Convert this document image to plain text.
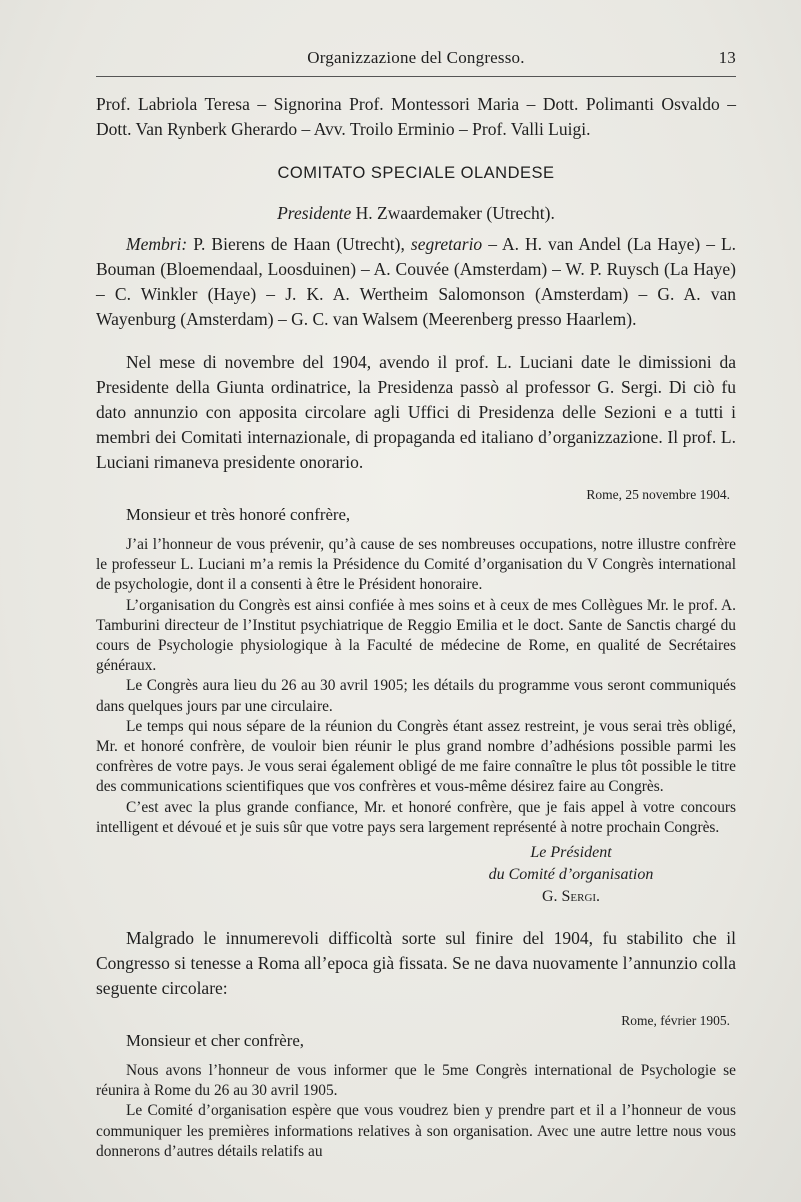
Organizzazione del Congresso.	13

Prof. Labriola Teresa – Signorina Prof. Montessori Maria – Dott. Polimanti Osvaldo – Dott. Van Rynberk Gherardo – Avv. Troilo Erminio – Prof. Valli Luigi.

COMITATO SPECIALE OLANDESE

Presidente H. Zwaardemaker (Utrecht).

Membri: P. Bierens de Haan (Utrecht), segretario – A. H. van Andel (La Haye) – L. Bouman (Bloemendaal, Loosduinen) – A. Couvée (Amsterdam) – W. P. Ruysch (La Haye) – C. Winkler (Haye) – J. K. A. Wertheim Salomonson (Amsterdam) – G. A. van Wayenburg (Amsterdam) – G. C. van Walsem (Meerenberg presso Haarlem).

Nel mese di novembre del 1904, avendo il prof. L. Luciani date le dimissioni da Presidente della Giunta ordinatrice, la Presidenza passò al professor G. Sergi. Di ciò fu dato annunzio con apposita circolare agli Uffici di Presidenza delle Sezioni e a tutti i membri dei Comitati internazionale, di propaganda ed italiano d’organizzazione. Il prof. L. Luciani rimaneva presidente onorario.

Rome, 25 novembre 1904.
Monsieur et très honoré confrère,

J’ai l’honneur de vous prévenir, qu’à cause de ses nombreuses occupations, notre illustre confrère le professeur L. Luciani m’a remis la Présidence du Comité d’organisation du V Congrès international de psychologie, dont il a consenti à être le Président honoraire.

L’organisation du Congrès est ainsi confiée à mes soins et à ceux de mes Collègues Mr. le prof. A. Tamburini directeur de l’Institut psychiatrique de Reggio Emilia et le doct. Sante de Sanctis chargé du cours de Psychologie physiologique à la Faculté de médecine de Rome, en qualité de Secrétaires généraux.

Le Congrès aura lieu du 26 au 30 avril 1905; les détails du programme vous seront communiqués dans quelques jours par une circulaire.

Le temps qui nous sépare de la réunion du Congrès étant assez restreint, je vous serai très obligé, Mr. et honoré confrère, de vouloir bien réunir le plus grand nombre d’adhésions possible parmi les confrères de votre pays. Je vous serai également obligé de me faire connaître le plus tôt possible le titre des communications scientifiques que vos confrères et vous-même désirez faire au Congrès.

C’est avec la plus grande confiance, Mr. et honoré confrère, que je fais appel à votre concours intelligent et dévoué et je suis sûr que votre pays sera largement représenté à notre prochain Congrès.

Le Président
du Comité d’organisation
G. Sergi.

Malgrado le innumerevoli difficoltà sorte sul finire del 1904, fu stabilito che il Congresso si tenesse a Roma all’epoca già fissata. Se ne dava nuovamente l’annunzio colla seguente circolare:

Rome, février 1905.
Monsieur et cher confrère,

Nous avons l’honneur de vous informer que le 5me Congrès international de Psychologie se réunira à Rome du 26 au 30 avril 1905.

Le Comité d’organisation espère que vous voudrez bien y prendre part et il a l’honneur de vous communiquer les premières informations relatives à son organisation. Avec une autre lettre nous vous donnerons d’autres détails relatifs au
